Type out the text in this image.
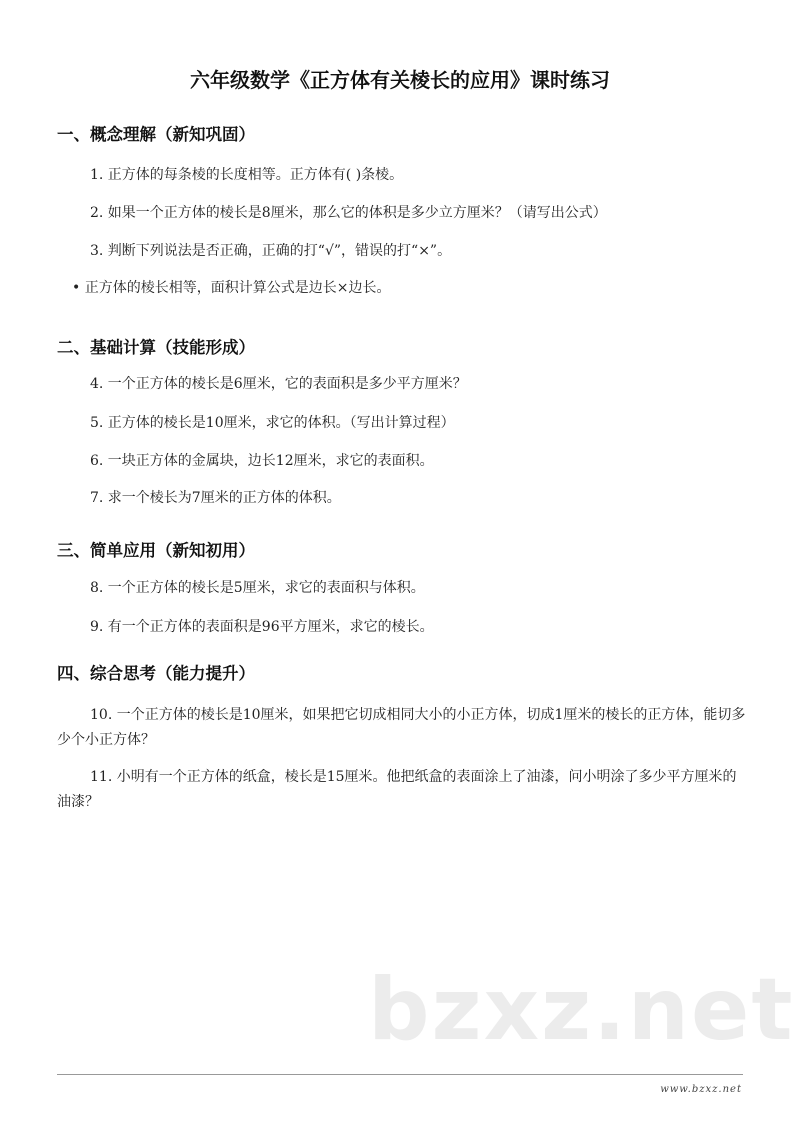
六年级数学《正方体有关棱长的应用》课时练习
一、概念理解（新知巩固）
1. 正方体的每条棱的长度相等。正方体有( )条棱。
2. 如果一个正方体的棱长是8厘米，那么它的体积是多少立方厘米？（请写出公式）
3. 判断下列说法是否正确，正确的打“√”，错误的打“×”。
• 正方体的棱长相等，面积计算公式是边长×边长。
二、基础计算（技能形成）
4. 一个正方体的棱长是6厘米，它的表面积是多少平方厘米？
5. 正方体的棱长是10厘米，求它的体积。（写出计算过程）
6. 一块正方体的金属块，边长12厘米，求它的表面积。
7. 求一个棱长为7厘米的正方体的体积。
三、简单应用（新知初用）
8. 一个正方体的棱长是5厘米，求它的表面积与体积。
9. 有一个正方体的表面积是96平方厘米，求它的棱长。
四、综合思考（能力提升）
10. 一个正方体的棱长是10厘米，如果把它切成相同大小的小正方体，切成1厘米的棱长的正方体，能切多少个小正方体？
11. 小明有一个正方体的纸盒，棱长是15厘米。他把纸盒的表面涂上了油漆，问小明涂了多少平方厘米的油漆？
bzxz.net
www.bzxz.net
